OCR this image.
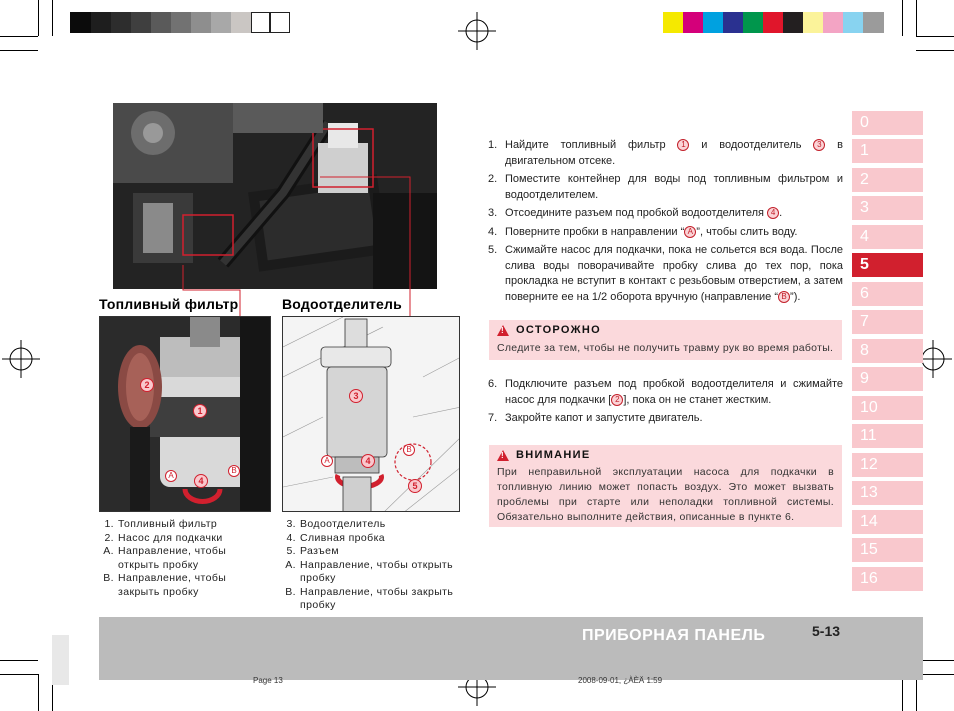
Топливный фильтр	Водоотделитель
1
2
A
B
4
3
4
A
B
5
1. Топливный фильтр
2. Насос для подкачки
A. Направление, чтобы открыть пробку
B. Направление, чтобы закрыть пробку
3. Водоотделитель
4. Сливная пробка
5. Разъем
A. Направление, чтобы открыть пробку
B. Направление, чтобы закрыть пробку
1. Найдите топливный фильтр 1 и водоотделитель 3 в двигательном отсеке.
2. Поместите контейнер для воды под топливным фильтром и водоотделителем.
3. Отсоедините разъем под пробкой водоотделителя 4 .
4. Поверните пробки в направлении “ A ”, чтобы слить воду.
5. Сжимайте насос для подкачки, пока не сольется вся вода. После слива воды поворачивайте пробку слива до тех пор, пока прокладка не вступит в контакт с резьбовым отверстием, а затем поверните ее на 1/2 оборота вручную (направление “ B ”).
!
ОСТОРОЖНО
Следите за тем, чтобы не получить травму рук во время работы.
6. Подключите разъем под пробкой водоотделителя и сжимайте насос для подкачки [ 2 ], пока он не станет жестким.
7. Закройте капот и запустите двигатель.
!
ВНИМАНИЕ
При неправильной эксплуатации насоса для подкачки в топливную линию может попасть воздух. Это может вызвать проблемы при старте или неполадки топливной системы. Обязательно выполните действия, описанные в пункте 6.
0
1
2
3
4
5
6
7
8
9
10
11
12
13
14
15
16
ПРИБОРНАЯ ПАНЕЛЬ	5-13
Page 13	2008-09-01, ¿ÀÈÄ 1:59
